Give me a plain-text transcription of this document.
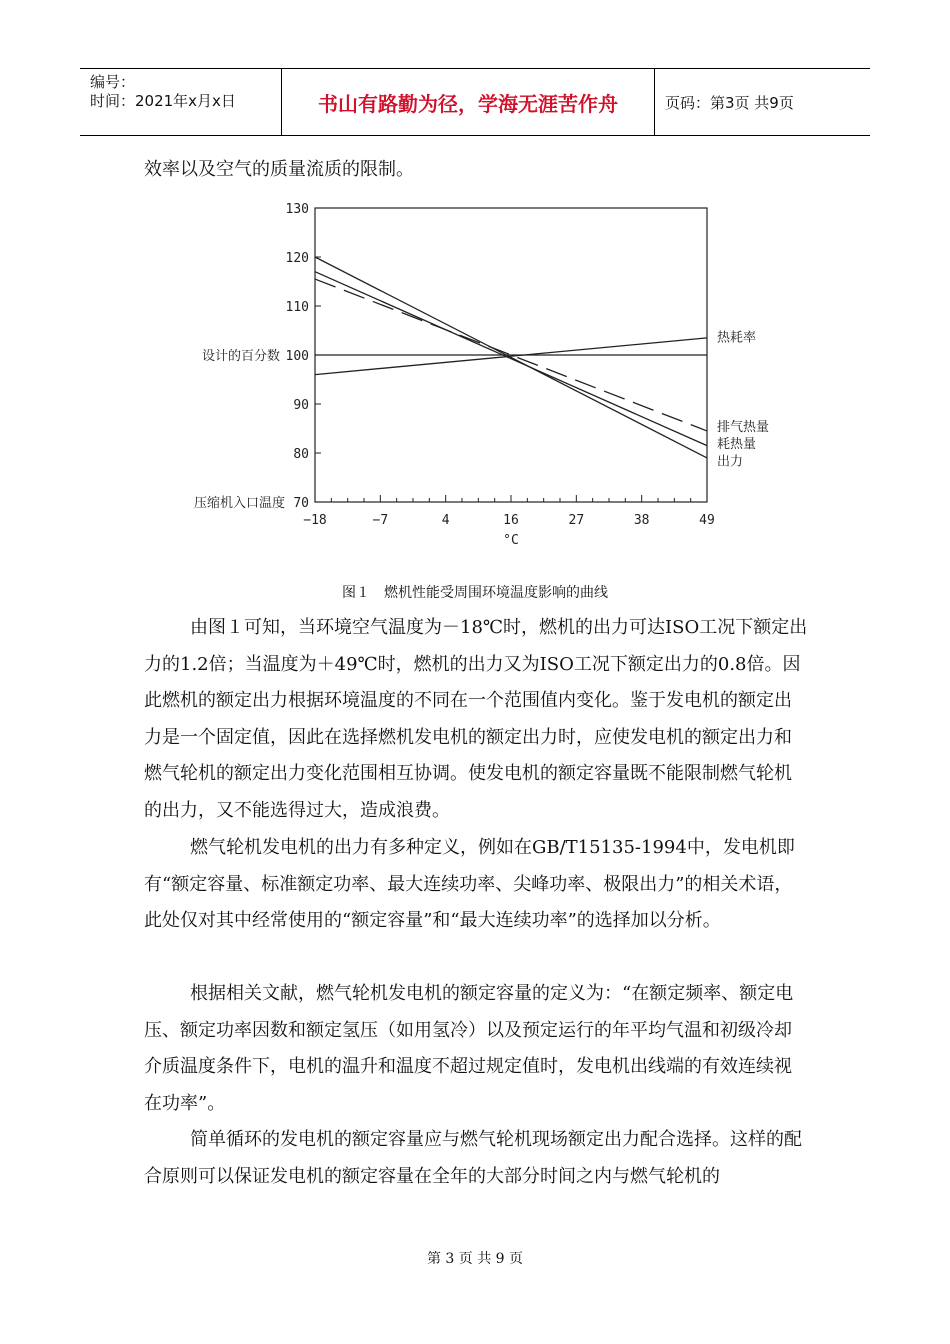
编号：
时间：2021年x月x日	书山有路勤为径，学海无涯苦作舟	页码：第3页 共9页

效率以及空气的质量流质的限制。

70
80
90
100
110
120
130
−18	−7	4	16	27	38	49
°C
设计的百分数
压缩机入口温度
热耗率
排气热量
耗热量
出力
图１　燃机性能受周围环境温度影响的曲线

由图１可知，当环境空气温度为－18℃时，燃机的出力可达ISO工况下额定出力的1.2倍；当温度为＋49℃时，燃机的出力又为ISO工况下额定出力的0.8倍。因此燃机的额定出力根据环境温度的不同在一个范围值内变化。鉴于发电机的额定出力是一个固定值，因此在选择燃机发电机的额定出力时，应使发电机的额定出力和燃气轮机的额定出力变化范围相互协调。使发电机的额定容量既不能限制燃气轮机的出力，又不能选得过大，造成浪费。

燃气轮机发电机的出力有多种定义，例如在GB/T15135-1994中，发电机即有“额定容量、标准额定功率、最大连续功率、尖峰功率、极限出力”的相关术语，此处仅对其中经常使用的“额定容量”和“最大连续功率”的选择加以分析。

根据相关文献，燃气轮机发电机的额定容量的定义为：“在额定频率、额定电压、额定功率因数和额定氢压（如用氢冷）以及预定运行的年平均气温和初级冷却介质温度条件下，电机的温升和温度不超过规定值时，发电机出线端的有效连续视在功率”。

简单循环的发电机的额定容量应与燃气轮机现场额定出力配合选择。这样的配合原则可以保证发电机的额定容量在全年的大部分时间之内与燃气轮机的

第 3 页 共 9 页
